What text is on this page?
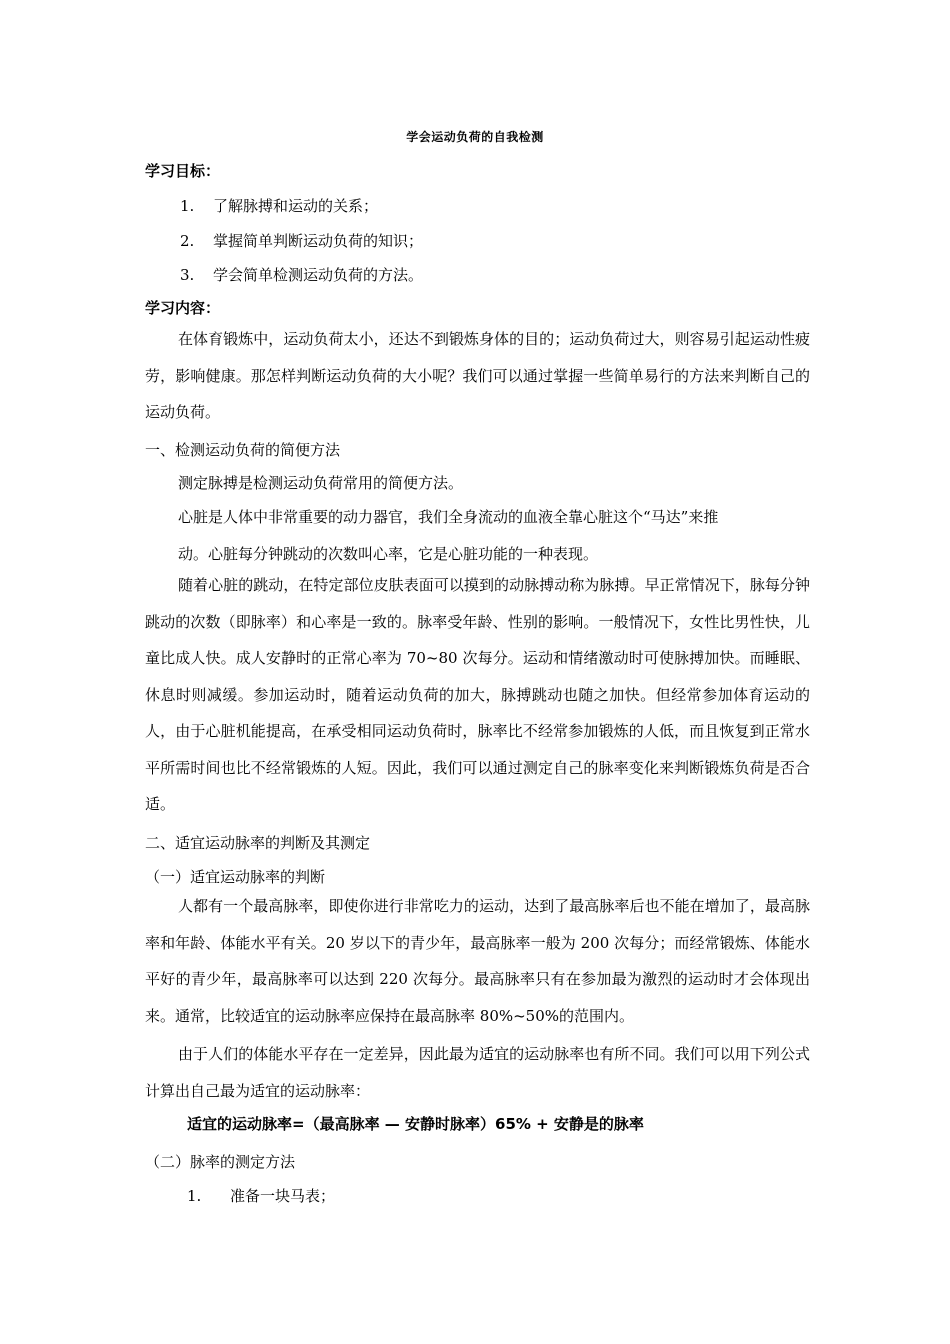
学会运动负荷的自我检测
学习目标：
1. 了解脉搏和运动的关系；
2. 掌握简单判断运动负荷的知识；
3. 学会简单检测运动负荷的方法。
学习内容：
在体育锻炼中，运动负荷太小，还达不到锻炼身体的目的；运动负荷过大，则容易引起运动性疲劳，影响健康。那怎样判断运动负荷的大小呢？我们可以通过掌握一些简单易行的方法来判断自己的运动负荷。
一、检测运动负荷的简便方法
测定脉搏是检测运动负荷常用的简便方法。
心脏是人体中非常重要的动力器官，我们全身流动的血液全靠心脏这个“马达”来推
动。心脏每分钟跳动的次数叫心率，它是心脏功能的一种表现。
随着心脏的跳动，在特定部位皮肤表面可以摸到的动脉搏动称为脉搏。早正常情况下，脉每分钟跳动的次数（即脉率）和心率是一致的。脉率受年龄、性别的影响。一般情况下，女性比男性快，儿童比成人快。成人安静时的正常心率为 70~80 次每分。运动和情绪激动时可使脉搏加快。而睡眠、休息时则减缓。参加运动时，随着运动负荷的加大，脉搏跳动也随之加快。但经常参加体育运动的人，由于心脏机能提高，在承受相同运动负荷时，脉率比不经常参加锻炼的人低，而且恢复到正常水平所需时间也比不经常锻炼的人短。因此，我们可以通过测定自己的脉率变化来判断锻炼负荷是否合适。
二、适宜运动脉率的判断及其测定
（一）适宜运动脉率的判断
人都有一个最高脉率，即使你进行非常吃力的运动，达到了最高脉率后也不能在增加了，最高脉率和年龄、体能水平有关。20 岁以下的青少年，最高脉率一般为 200 次每分；而经常锻炼、体能水平好的青少年，最高脉率可以达到 220 次每分。最高脉率只有在参加最为激烈的运动时才会体现出来。通常，比较适宜的运动脉率应保持在最高脉率 80%~50%的范围内。
由于人们的体能水平存在一定差异，因此最为适宜的运动脉率也有所不同。我们可以用下列公式计算出自己最为适宜的运动脉率：
适宜的运动脉率=（最高脉率 — 安静时脉率）65% + 安静是的脉率
（二）脉率的测定方法
1. 准备一块马表；
